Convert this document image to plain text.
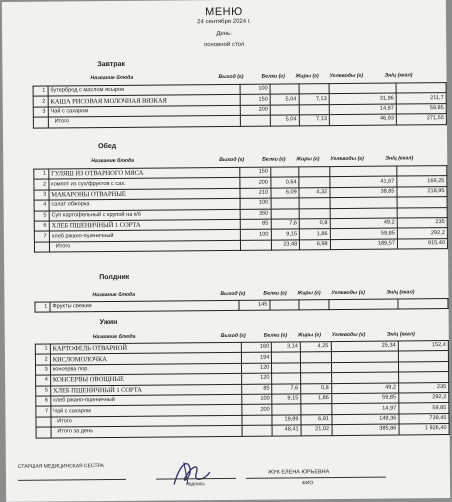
МЕНЮ
24 сентября 2024 г.
День:
основной стол
Завтрак
Название блюда	Выход (г)	Белки (г) Жиры (г) Углеводы (г)	Эн/ц (ккал)
1	бутерброд с маслом ясырои	100				
2	КАША РИСОВАЯ МОЛОЧНАЯ ВЯЗКАЯ	150	5,04	7,13	31,96	211,7
3	Чай с сахаром	200			14,97	59,85
	Итого		5,04	7,13	46,93	271,55
Обед
Название блюда	Выход (г)	Белки (г) Жиры (г) Углеводы (г)	Эн/ц (ккал)
1	ГУЛЯШ ИЗ ОТВАРНОГО МЯСА	150				
2	компот из сух/фруктов с сах.	200	0,64		41,67	169,25
3	МАКАРОНЫ ОТВАРНЫЕ	210	6,09	4,32	38,85	218,95
4	салат обжорка	100				
5	Суп картофельный с крупой на к/б	350				
6	ХЛЕБ ПШЕНИЧНЫЙ 1 СОРТА	85	7,6	0,8	49,2	235
7	хлеб ржано-пшеничный	100	9,15	1,86	59,85	292,2
	Итого		23,48	6,98	189,57	915,40
Полдник
Название блюда	Выход (г)	Белки (г) Жиры (г) Углеводы (г)	Эн/ц (ккал)
1	Фрукты свежие	145				
Ужин
Название блюда	Выход (г)	Белки (г) Жиры (г) Углеводы (г)	Эн/ц (ккал)
1	КАРТОФЕЛЬ ОТВАРНОЙ	160	3,14	4,25	25,34	152,4
2	КИСЛОМОЛОЧКА	194				
3	консерва пор.	120				
4	КОНСЕРВЫ ОВОЩНЫЕ	120				
5	ХЛЕБ ПШЕНИЧНЫЙ 1 СОРТА	85	7,6	0,8	49,2	235
6	хлеб ржано-пшеничный	100	9,15	1,86	59,85	292,2
7	Чай с сахаром	200			14,97	59,85
	Итого		19,89	6,91	149,36	739,45
	Итого за день		48,41	21,02	385,86	1 926,40
СТАРШАЯ МЕДИЦИНСКАЯ СЕСТРА
подпись
ЖУК ЕЛЕНА ЮРЬЕВНА
ФИО
